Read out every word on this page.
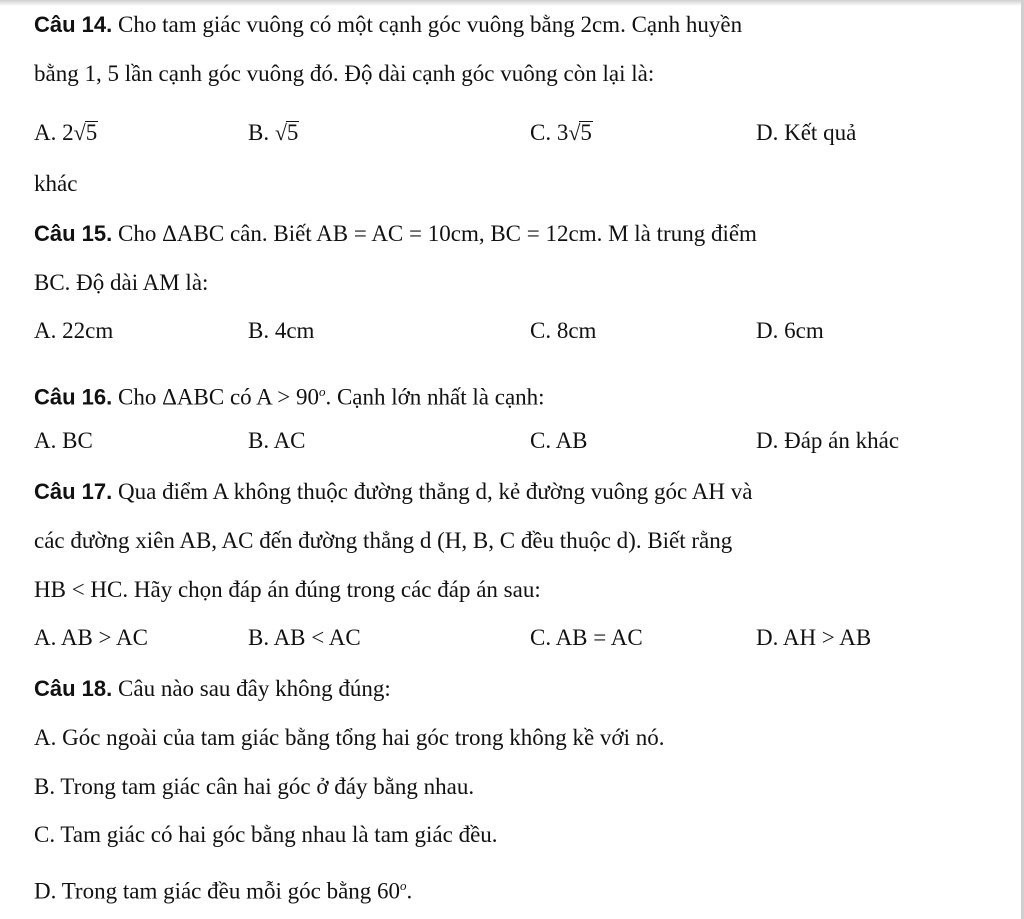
Câu 14. Cho tam giác vuông có một cạnh góc vuông bằng 2cm. Cạnh huyền
bằng 1, 5 lần cạnh góc vuông đó. Độ dài cạnh góc vuông còn lại là:
A. 2√5	B. √5	C. 3√5	D. Kết quả
khác
Câu 15. Cho ΔABC cân. Biết AB = AC = 10cm, BC = 12cm. M là trung điểm
BC. Độ dài AM là:
A. 22cm	B. 4cm	C. 8cm	D. 6cm
Câu 16. Cho ΔABC có $A > 90^o$. Cạnh lớn nhất là cạnh:
A. BC	B. AC	C. AB	D. Đáp án khác
Câu 17. Qua điểm A không thuộc đường thẳng d, kẻ đường vuông góc AH và
các đường xiên AB, AC đến đường thẳng d (H, B, C đều thuộc d). Biết rằng
HB < HC. Hãy chọn đáp án đúng trong các đáp án sau:
A. AB > AC	B. AB < AC	C. AB = AC	D. AH > AB
Câu 18. Câu nào sau đây không đúng:
A. Góc ngoài của tam giác bằng tổng hai góc trong không kề với nó.
B. Trong tam giác cân hai góc ở đáy bằng nhau.
C. Tam giác có hai góc bằng nhau là tam giác đều.
D. Trong tam giác đều mỗi góc bằng 60$^o$.
